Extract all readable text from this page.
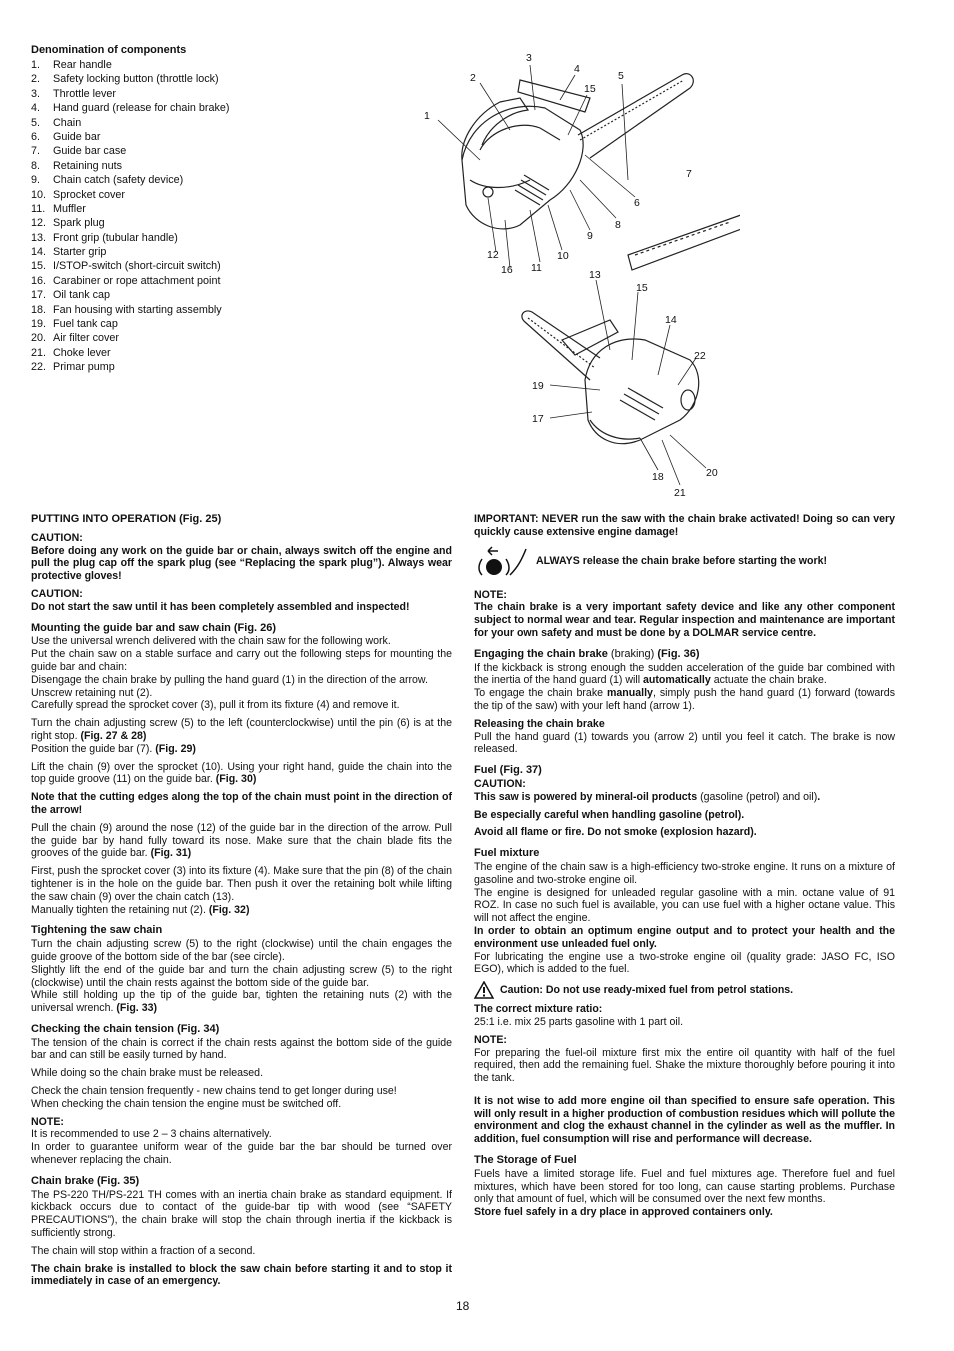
Denomination of components
1. Rear handle
2. Safety locking button (throttle lock)
3. Throttle lever
4. Hand guard (release for chain brake)
5. Chain
6. Guide bar
7. Guide bar case
8. Retaining nuts
9. Chain catch (safety device)
10. Sprocket cover
11. Muffler
12. Spark plug
13. Front grip (tubular handle)
14. Starter grip
15. I/STOP-switch (short-circuit switch)
16. Carabiner or rope attachment point
17. Oil tank cap
18. Fan housing with starting assembly
19. Fuel tank cap
20. Air filter cover
21. Choke lever
22. Primar pump
1
2
3
4
15
5
7
6
8
9
10
11
12
16	13
15
14
22
19
17
18
21
20
PUTTING INTO OPERATION (Fig. 25)
CAUTION:

Before doing any work on the guide bar or chain, always switch off the engine and pull the plug cap off the spark plug (see “Replacing the spark plug”). Always wear protective gloves!

CAUTION:

Do not start the saw until it has been completely assembled and inspected!

Mounting the guide bar and saw chain (Fig. 26)

Use the universal wrench delivered with the chain saw for the following work.

Put the chain saw on a stable surface and carry out the following steps for mounting the guide bar and chain:

Disengage the chain brake by pulling the hand guard (1) in the direction of the arrow.

Unscrew retaining nut (2).

Carefully spread the sprocket cover (3), pull it from its fixture (4) and remove it.

Turn the chain adjusting screw (5) to the left (counterclockwise) until the pin (6) is at the right stop. (Fig. 27 & 28)

Position the guide bar (7). (Fig. 29)

Lift the chain (9) over the sprocket (10). Using your right hand, guide the chain into the top guide groove (11) on the guide bar. (Fig. 30)

Note that the cutting edges along the top of the chain must point in the direction of the arrow!

Pull the chain (9) around the nose (12) of the guide bar in the direction of the arrow. Pull the guide bar by hand fully toward its nose. Make sure that the chain blade fits the grooves of the guide bar. (Fig. 31)

First, push the sprocket cover (3) into its fixture (4). Make sure that the pin (8) of the chain tightener is in the hole on the guide bar. Then push it over the retaining bolt while lifting the saw chain (9) over the chain catch (13).

Manually tighten the retaining nut (2). (Fig. 32)

Tightening the saw chain

Turn the chain adjusting screw (5) to the right (clockwise) until the chain engages the guide groove of the bottom side of the bar (see circle).

Slightly lift the end of the guide bar and turn the chain adjusting screw (5) to the right (clockwise) until the chain rests against the bottom side of the guide bar.

While still holding up the tip of the guide bar, tighten the retaining nuts (2) with the universal wrench. (Fig. 33)

Checking the chain tension (Fig. 34)

The tension of the chain is correct if the chain rests against the bottom side of the guide bar and can still be easily turned by hand.

While doing so the chain brake must be released.

Check the chain tension frequently - new chains tend to get longer during use!

When checking the chain tension the engine must be switched off.

NOTE:

It is recommended to use 2 – 3 chains alternatively.

In order to guarantee uniform wear of the guide bar the bar should be turned over whenever replacing the chain.

Chain brake (Fig. 35)

The PS-220 TH/PS-221 TH comes with an inertia chain brake as standard equipment. If kickback occurs due to contact of the guide-bar tip with wood (see “SAFETY PRECAUTIONS”), the chain brake will stop the chain through inertia if the kickback is sufficiently strong.

The chain will stop within a fraction of a second.

The chain brake is installed to block the saw chain before starting it and to stop it immediately in case of an emergency.

IMPORTANT: NEVER run the saw with the chain brake activated! Doing so can very quickly cause extensive engine damage!

ALWAYS release the chain brake before starting the work!
NOTE:

The chain brake is a very important safety device and like any other component subject to normal wear and tear. Regular inspection and maintenance are important for your own safety and must be done by a DOLMAR service centre.

Engaging the chain brake (braking) (Fig. 36)

If the kickback is strong enough the sudden acceleration of the guide bar combined with the inertia of the hand guard (1) will automatically actuate the chain brake.

To engage the chain brake manually, simply push the hand guard (1) forward (towards the tip of the saw) with your left hand (arrow 1).

Releasing the chain brake

Pull the hand guard (1) towards you (arrow 2) until you feel it catch. The brake is now released.

Fuel (Fig. 37)
CAUTION:

This saw is powered by mineral-oil products (gasoline (petrol) and oil).

Be especially careful when handling gasoline (petrol).

Avoid all flame or fire. Do not smoke (explosion hazard).

Fuel mixture

The engine of the chain saw is a high-efficiency two-stroke engine. It runs on a mixture of gasoline and two-stroke engine oil.

The engine is designed for unleaded regular gasoline with a min. octane value of 91 ROZ. In case no such fuel is available, you can use fuel with a higher octane value. This will not affect the engine.

In order to obtain an optimum engine output and to protect your health and the environment use unleaded fuel only.

For lubricating the engine use a two-stroke engine oil (quality grade: JASO FC, ISO EGO), which is added to the fuel.

Caution: Do not use ready-mixed fuel from petrol stations.
The correct mixture ratio:

25:1 i.e. mix 25 parts gasoline with 1 part oil.

NOTE:

For preparing the fuel-oil mixture first mix the entire oil quantity with half of the fuel required, then add the remaining fuel. Shake the mixture thoroughly before pouring it into the tank.

It is not wise to add more engine oil than specified to ensure safe operation. This will only result in a higher production of combustion residues which will pollute the environment and clog the exhaust channel in the cylinder as well as the muffler. In addition, fuel consumption will rise and performance will decrease.

The Storage of Fuel

Fuels have a limited storage life. Fuel and fuel mixtures age. Therefore fuel and fuel mixtures, which have been stored for too long, can cause starting problems. Purchase only that amount of fuel, which will be consumed over the next few months.

Store fuel safely in a dry place in approved containers only.

18
